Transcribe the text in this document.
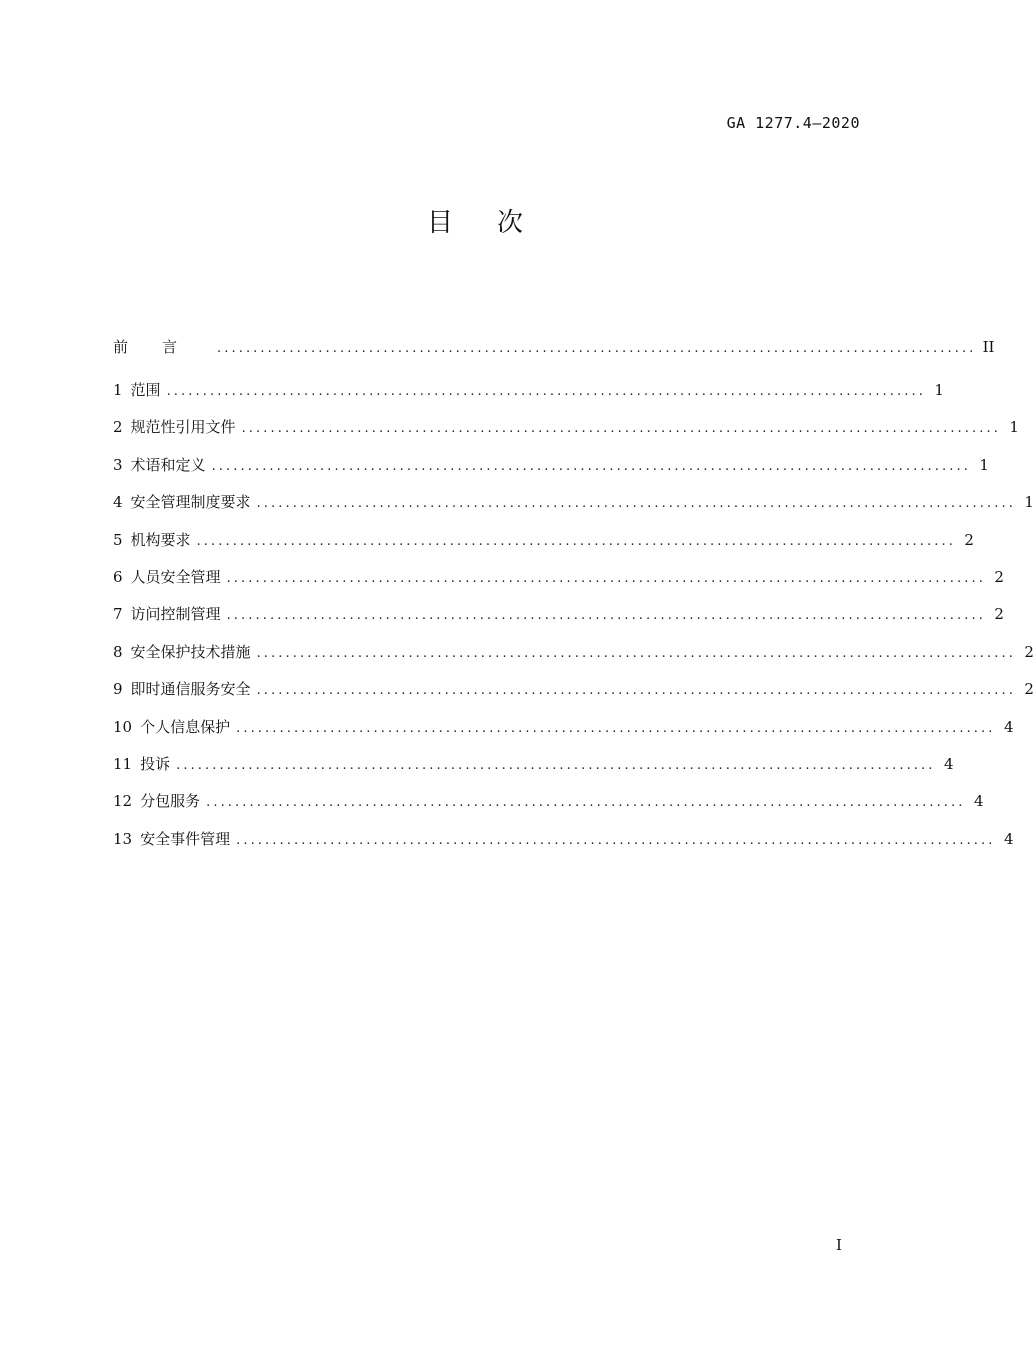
GA 1277.4—2020
目次
前言 ......................................................................................................... II
1 范围 ......................................................................................................... 1
2 规范性引用文件 ......................................................................................................... 1
3 术语和定义 ......................................................................................................... 1
4 安全管理制度要求 ......................................................................................................... 1
5 机构要求 ......................................................................................................... 2
6 人员安全管理 ......................................................................................................... 2
7 访问控制管理 ......................................................................................................... 2
8 安全保护技术措施 ......................................................................................................... 2
9 即时通信服务安全 ......................................................................................................... 2
10 个人信息保护 ......................................................................................................... 4
11 投诉 ......................................................................................................... 4
12 分包服务 ......................................................................................................... 4
13 安全事件管理 ......................................................................................................... 4
I
